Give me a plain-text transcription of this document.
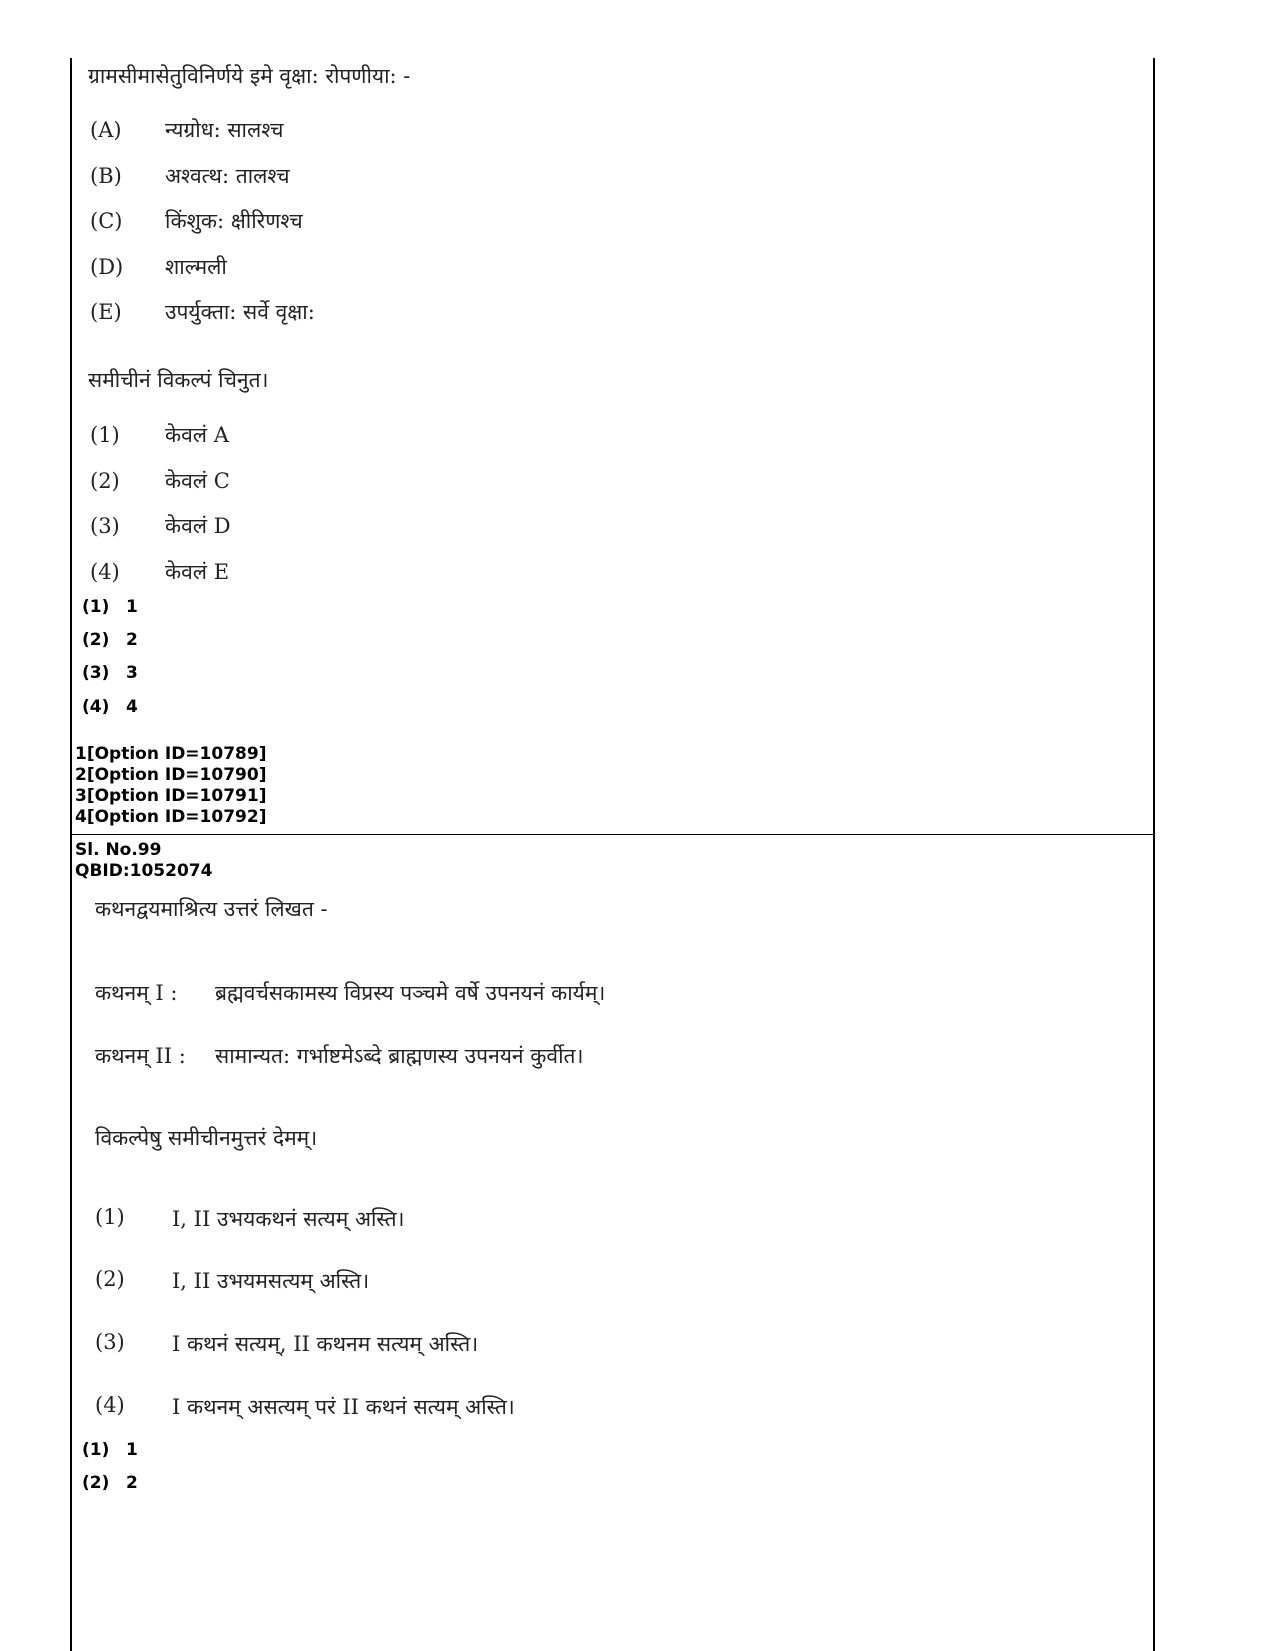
ग्रामसीमासेतुविनिर्णये इमे वृक्षा: रोपणीया: -
(A) न्यग्रोध: सालश्च
(B) अश्वत्थ: तालश्च
(C) किंशुक: क्षीरिणश्च
(D) शाल्मली
(E) उपर्युक्ता: सर्वे वृक्षा:
समीचीनं विकल्पं चिनुत।
(1) केवलं A
(2) केवलं C
(3) केवलं D
(4) केवलं E
(1) 1
(2) 2
(3) 3
(4) 4
1[Option ID=10789]
2[Option ID=10790]
3[Option ID=10791]
4[Option ID=10792]
Sl. No.99
QBID:1052074
कथनद्वयमाश्रित्य उत्तरं लिखत -
कथनम् I : ब्रह्मवर्चसकामस्य विप्रस्य पञ्चमे वर्षे उपनयनं कार्यम्।
कथनम् II : सामान्यत: गर्भाष्टमेऽब्दे ब्राह्मणस्य उपनयनं कुर्वीत।
विकल्पेषु समीचीनमुत्तरं देमम्।
(1) I, II उभयकथनं सत्यम् अस्ति।
(2) I, II उभयमसत्यम् अस्ति।
(3) I कथनं सत्यम्, II कथनम सत्यम् अस्ति।
(4) I कथनम् असत्यम् परं II कथनं सत्यम् अस्ति।
(1) 1
(2) 2
